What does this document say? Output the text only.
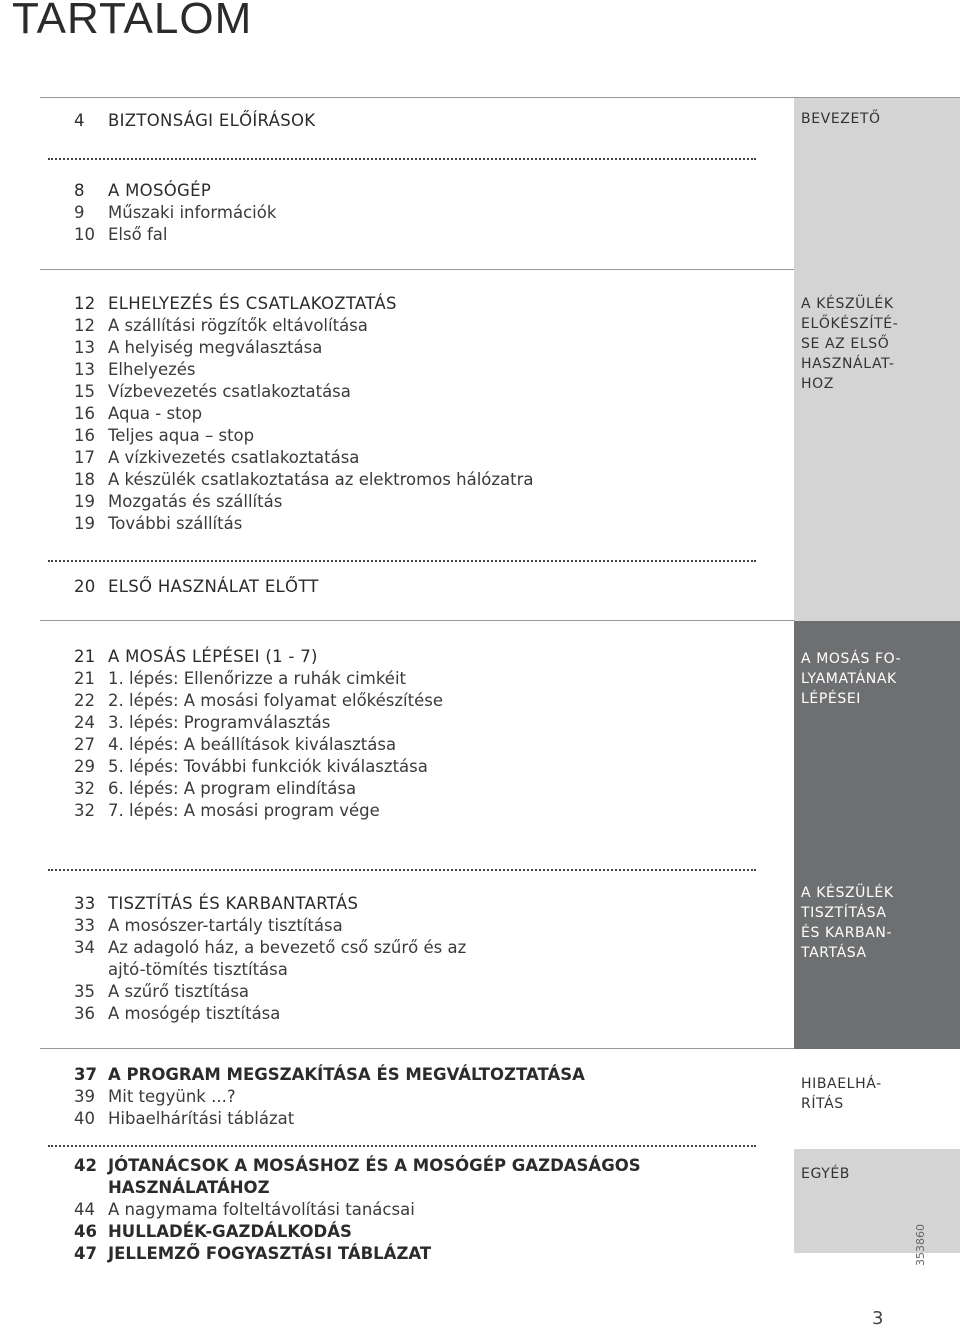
TARTALOM
BEVEZETŐ
A KÉSZÜLÉK
ELŐKÉSZÍTÉ-
SE AZ ELSŐ
HASZNÁLAT-
HOZ
A MOSÁS FO-
LYAMATÁNAK
LÉPÉSEI
A KÉSZÜLÉK
TISZTÍTÁSA
ÉS KARBAN-
TARTÁSA
HIBAELHÁ-
RÍTÁS
EGYÉB
4	BIZTONSÁGI ELŐÍRÁSOK
8	A MOSÓGÉP
9	Műszaki információk
10 Első fal
12 ELHELYEZÉS ÉS CSATLAKOZTATÁS
12 A szállítási rögzítők eltávolítása
13 A helyiség megválasztása
13 Elhelyezés
15 Vízbevezetés csatlakoztatása
16 Aqua - stop
16 Teljes aqua – stop
17 A vízkivezetés csatlakoztatása
18 A készülék csatlakoztatása az elektromos hálózatra
19 Mozgatás és szállítás
19 További szállítás
20 ELSŐ HASZNÁLAT ELŐTT
21 A MOSÁS LÉPÉSEI (1 - 7)
21 1. lépés: Ellenőrizze a ruhák cimkéit
22 2. lépés: A mosási folyamat előkészítése
24 3. lépés: Programválasztás
27 4. lépés: A beállítások kiválasztása
29 5. lépés: További funkciók kiválasztása
32 6. lépés: A program elindítása
32 7. lépés: A mosási program vége
33 TISZTÍTÁS ÉS KARBANTARTÁS
33 A mosószer-tartály tisztítása
34 Az adagoló ház, a bevezető cső szűrő és az
ajtó-tömítés tisztítása
35 A szűrő tisztítása
36 A mosógép tisztítása
37 A PROGRAM MEGSZAKÍTÁSA ÉS MEGVÁLTOZTATÁSA
39 Mit tegyünk ...?
40 Hibaelhárítási táblázat
42 JÓTANÁCSOK A MOSÁSHOZ ÉS A MOSÓGÉP GAZDASÁGOS
HASZNÁLATÁHOZ
44 A nagymama folteltávolítási tanácsai
46 HULLADÉK-GAZDÁLKODÁS
47 JELLEMZŐ FOGYASZTÁSI TÁBLÁZAT
3
353860
